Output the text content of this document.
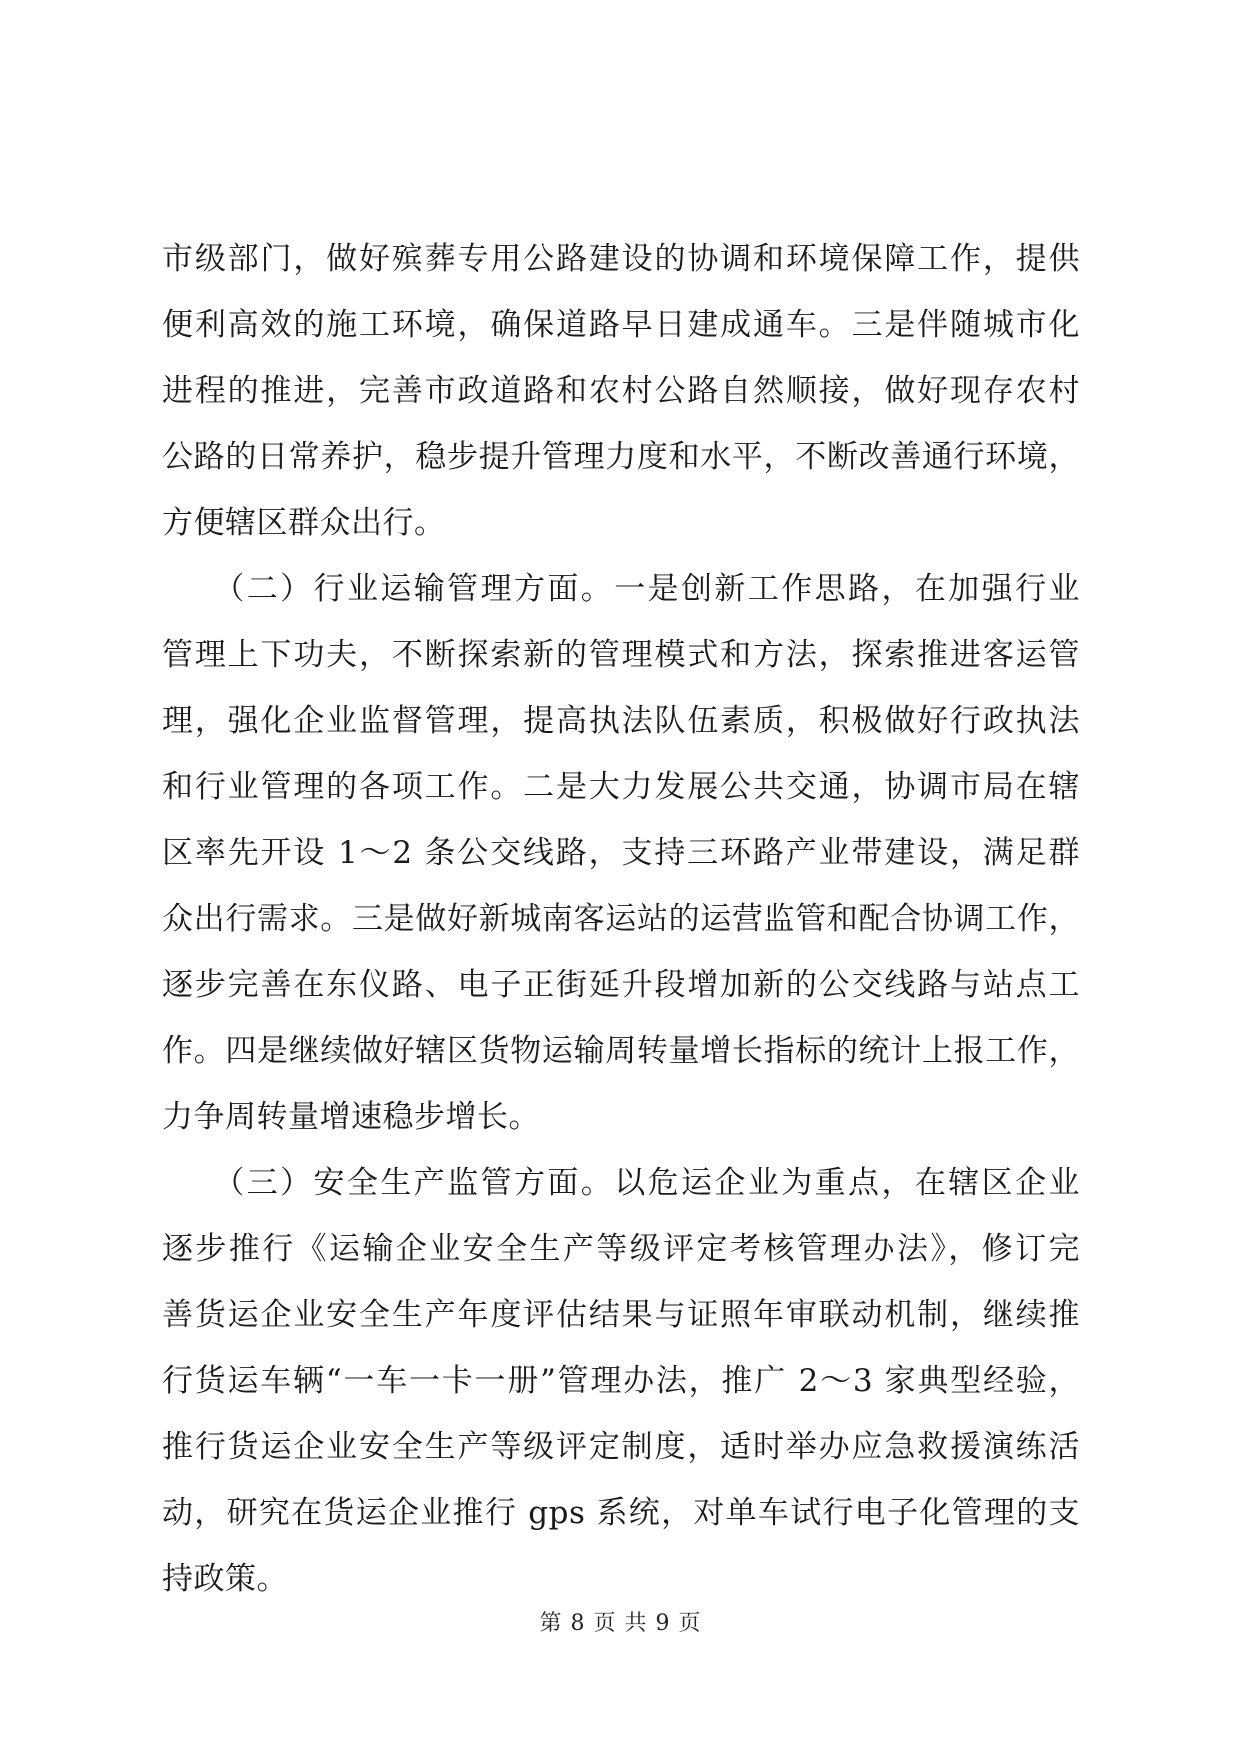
市级部门，做好殡葬专用公路建设的协调和环境保障工作，提供
便利高效的施工环境，确保道路早日建成通车。三是伴随城市化
进程的推进，完善市政道路和农村公路自然顺接，做好现存农村
公路的日常养护，稳步提升管理力度和水平，不断改善通行环境，
方便辖区群众出行。
　　（二）行业运输管理方面。一是创新工作思路，在加强行业
管理上下功夫，不断探索新的管理模式和方法，探索推进客运管
理，强化企业监督管理，提高执法队伍素质，积极做好行政执法
和行业管理的各项工作。二是大力发展公共交通，协调市局在辖
区率先开设 1～2 条公交线路，支持三环路产业带建设，满足群
众出行需求。三是做好新城南客运站的运营监管和配合协调工作，
逐步完善在东仪路、电子正街延升段增加新的公交线路与站点工
作。四是继续做好辖区货物运输周转量增长指标的统计上报工作，
力争周转量增速稳步增长。
　　（三）安全生产监管方面。以危运企业为重点，在辖区企业
逐步推行《运输企业安全生产等级评定考核管理办法》，修订完
善货运企业安全生产年度评估结果与证照年审联动机制，继续推
行货运车辆“一车一卡一册”管理办法，推广 2～3 家典型经验，
推行货运企业安全生产等级评定制度，适时举办应急救援演练活
动，研究在货运企业推行 gps 系统，对单车试行电子化管理的支
持政策。
第 8 页 共 9 页
